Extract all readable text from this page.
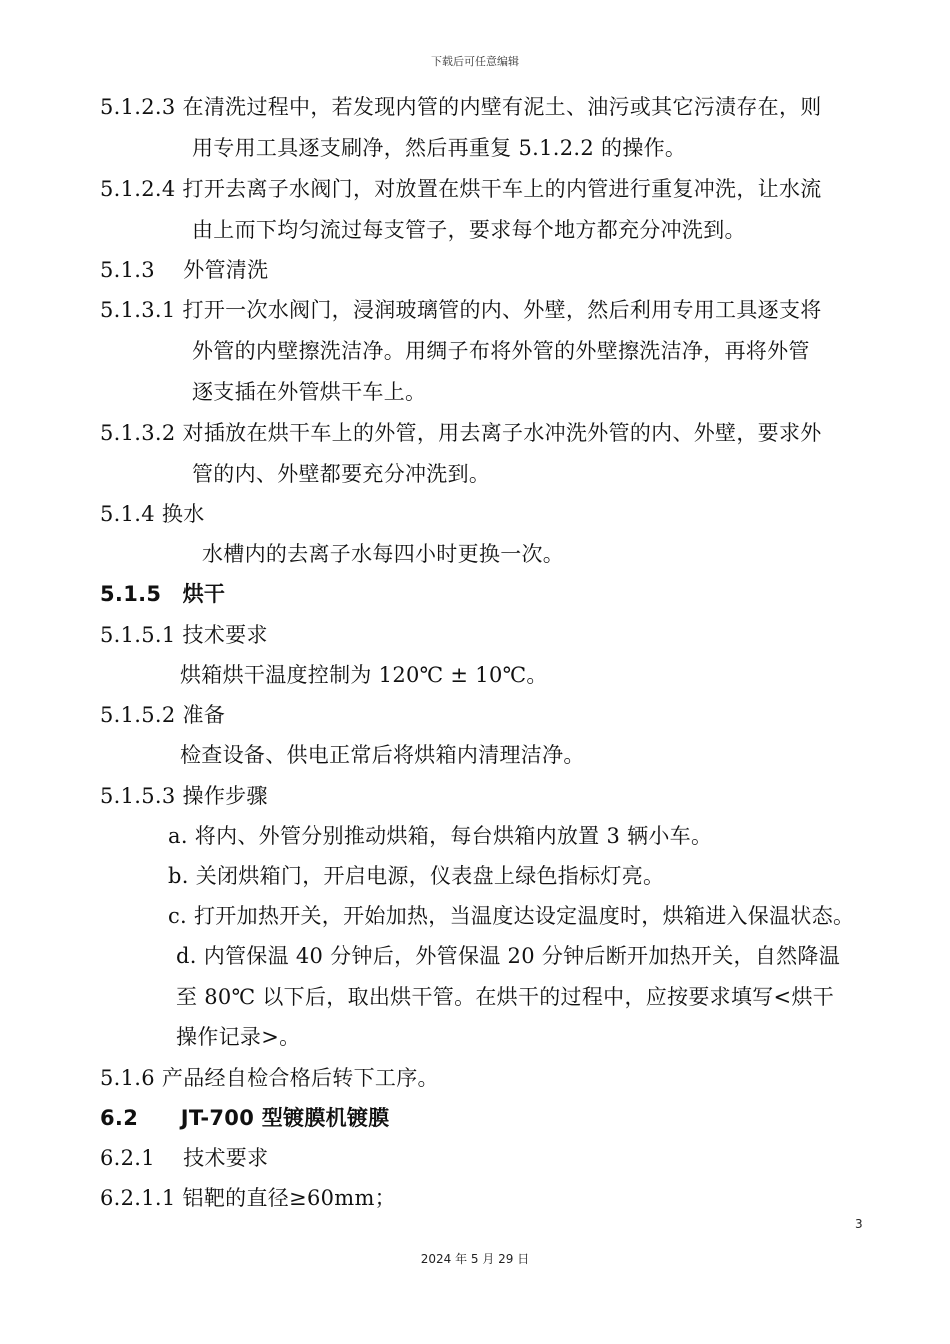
下载后可任意编辑
5.1.2.3 在清洗过程中，若发现内管的内壁有泥土、油污或其它污渍存在，则
用专用工具逐支刷净，然后再重复 5.1.2.2 的操作。
5.1.2.4 打开去离子水阀门，对放置在烘干车上的内管进行重复冲洗，让水流
由上而下均匀流过每支管子，要求每个地方都充分冲洗到。
5.1.3　 外管清洗
5.1.3.1 打开一次水阀门，浸润玻璃管的内、外壁，然后利用专用工具逐支将
外管的内壁擦洗洁净。用绸子布将外管的外壁擦洗洁净，再将外管
逐支插在外管烘干车上。
5.1.3.2 对插放在烘干车上的外管，用去离子水冲洗外管的内、外壁，要求外
管的内、外壁都要充分冲洗到。
5.1.4 换水
水槽内的去离子水每四小时更换一次。
5.1.5　烘干
5.1.5.1 技术要求
烘箱烘干温度控制为 120℃ ± 10℃。
5.1.5.2 准备
检查设备、供电正常后将烘箱内清理洁净。
5.1.5.3 操作步骤
a. 将内、外管分别推动烘箱，每台烘箱内放置 3 辆小车。
b. 关闭烘箱门，开启电源，仪表盘上绿色指标灯亮。
c. 打开加热开关，开始加热，当温度达设定温度时，烘箱进入保温状态。
d. 内管保温 40 分钟后，外管保温 20 分钟后断开加热开关，自然降温
至 80℃ 以下后，取出烘干管。在烘干的过程中，应按要求填写<烘干
操作记录>。
5.1.6 产品经自检合格后转下工序。
6.2　　JT-700 型镀膜机镀膜
6.2.1　 技术要求
6.2.1.1 铝靶的直径≥60mm；
3
2024 年 5 月 29 日
